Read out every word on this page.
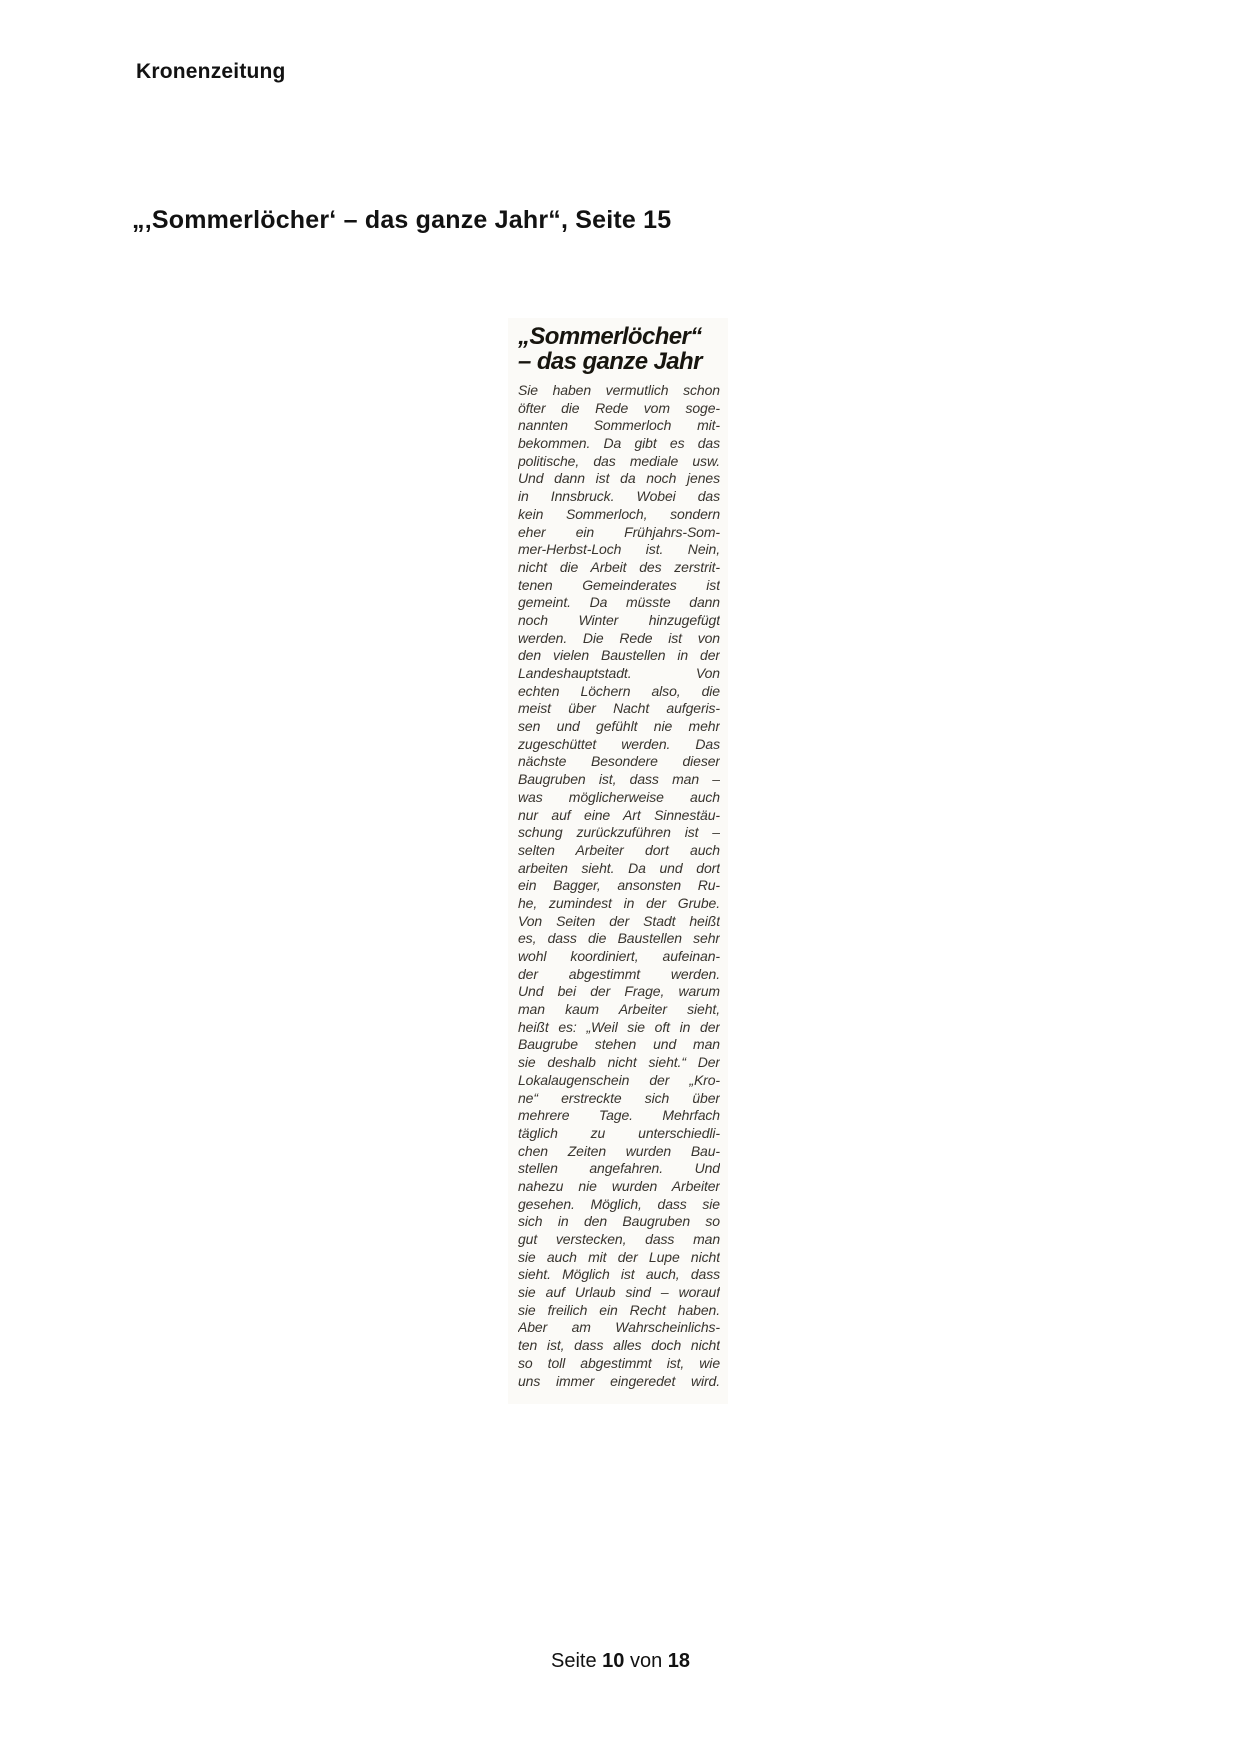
Kronenzeitung
„‚Sommerlöcher‘ – das ganze Jahr“, Seite 15
„Sommerlöcher“
– das ganze Jahr
Sie haben vermutlich schon
öfter die Rede vom soge-
nannten Sommerloch mit-
bekommen. Da gibt es das
politische, das mediale usw.
Und dann ist da noch jenes
in Innsbruck. Wobei das
kein Sommerloch, sondern
eher ein Frühjahrs-Som-
mer-Herbst-Loch ist. Nein,
nicht die Arbeit des zerstrit-
tenen Gemeinderates ist
gemeint. Da müsste dann
noch Winter hinzugefügt
werden. Die Rede ist von
den vielen Baustellen in der
Landeshauptstadt. Von
echten Löchern also, die
meist über Nacht aufgeris-
sen und gefühlt nie mehr
zugeschüttet werden. Das
nächste Besondere dieser
Baugruben ist, dass man –
was möglicherweise auch
nur auf eine Art Sinnestäu-
schung zurückzuführen ist –
selten Arbeiter dort auch
arbeiten sieht. Da und dort
ein Bagger, ansonsten Ru-
he, zumindest in der Grube.
Von Seiten der Stadt heißt
es, dass die Baustellen sehr
wohl koordiniert, aufeinan-
der abgestimmt werden.
Und bei der Frage, warum
man kaum Arbeiter sieht,
heißt es: „Weil sie oft in der
Baugrube stehen und man
sie deshalb nicht sieht.“ Der
Lokalaugenschein der „Kro-
ne“ erstreckte sich über
mehrere Tage. Mehrfach
täglich zu unterschiedli-
chen Zeiten wurden Bau-
stellen angefahren. Und
nahezu nie wurden Arbeiter
gesehen. Möglich, dass sie
sich in den Baugruben so
gut verstecken, dass man
sie auch mit der Lupe nicht
sieht. Möglich ist auch, dass
sie auf Urlaub sind – worauf
sie freilich ein Recht haben.
Aber am Wahrscheinlichs-
ten ist, dass alles doch nicht
so toll abgestimmt ist, wie
uns immer eingeredet wird.
Seite 10 von 18
